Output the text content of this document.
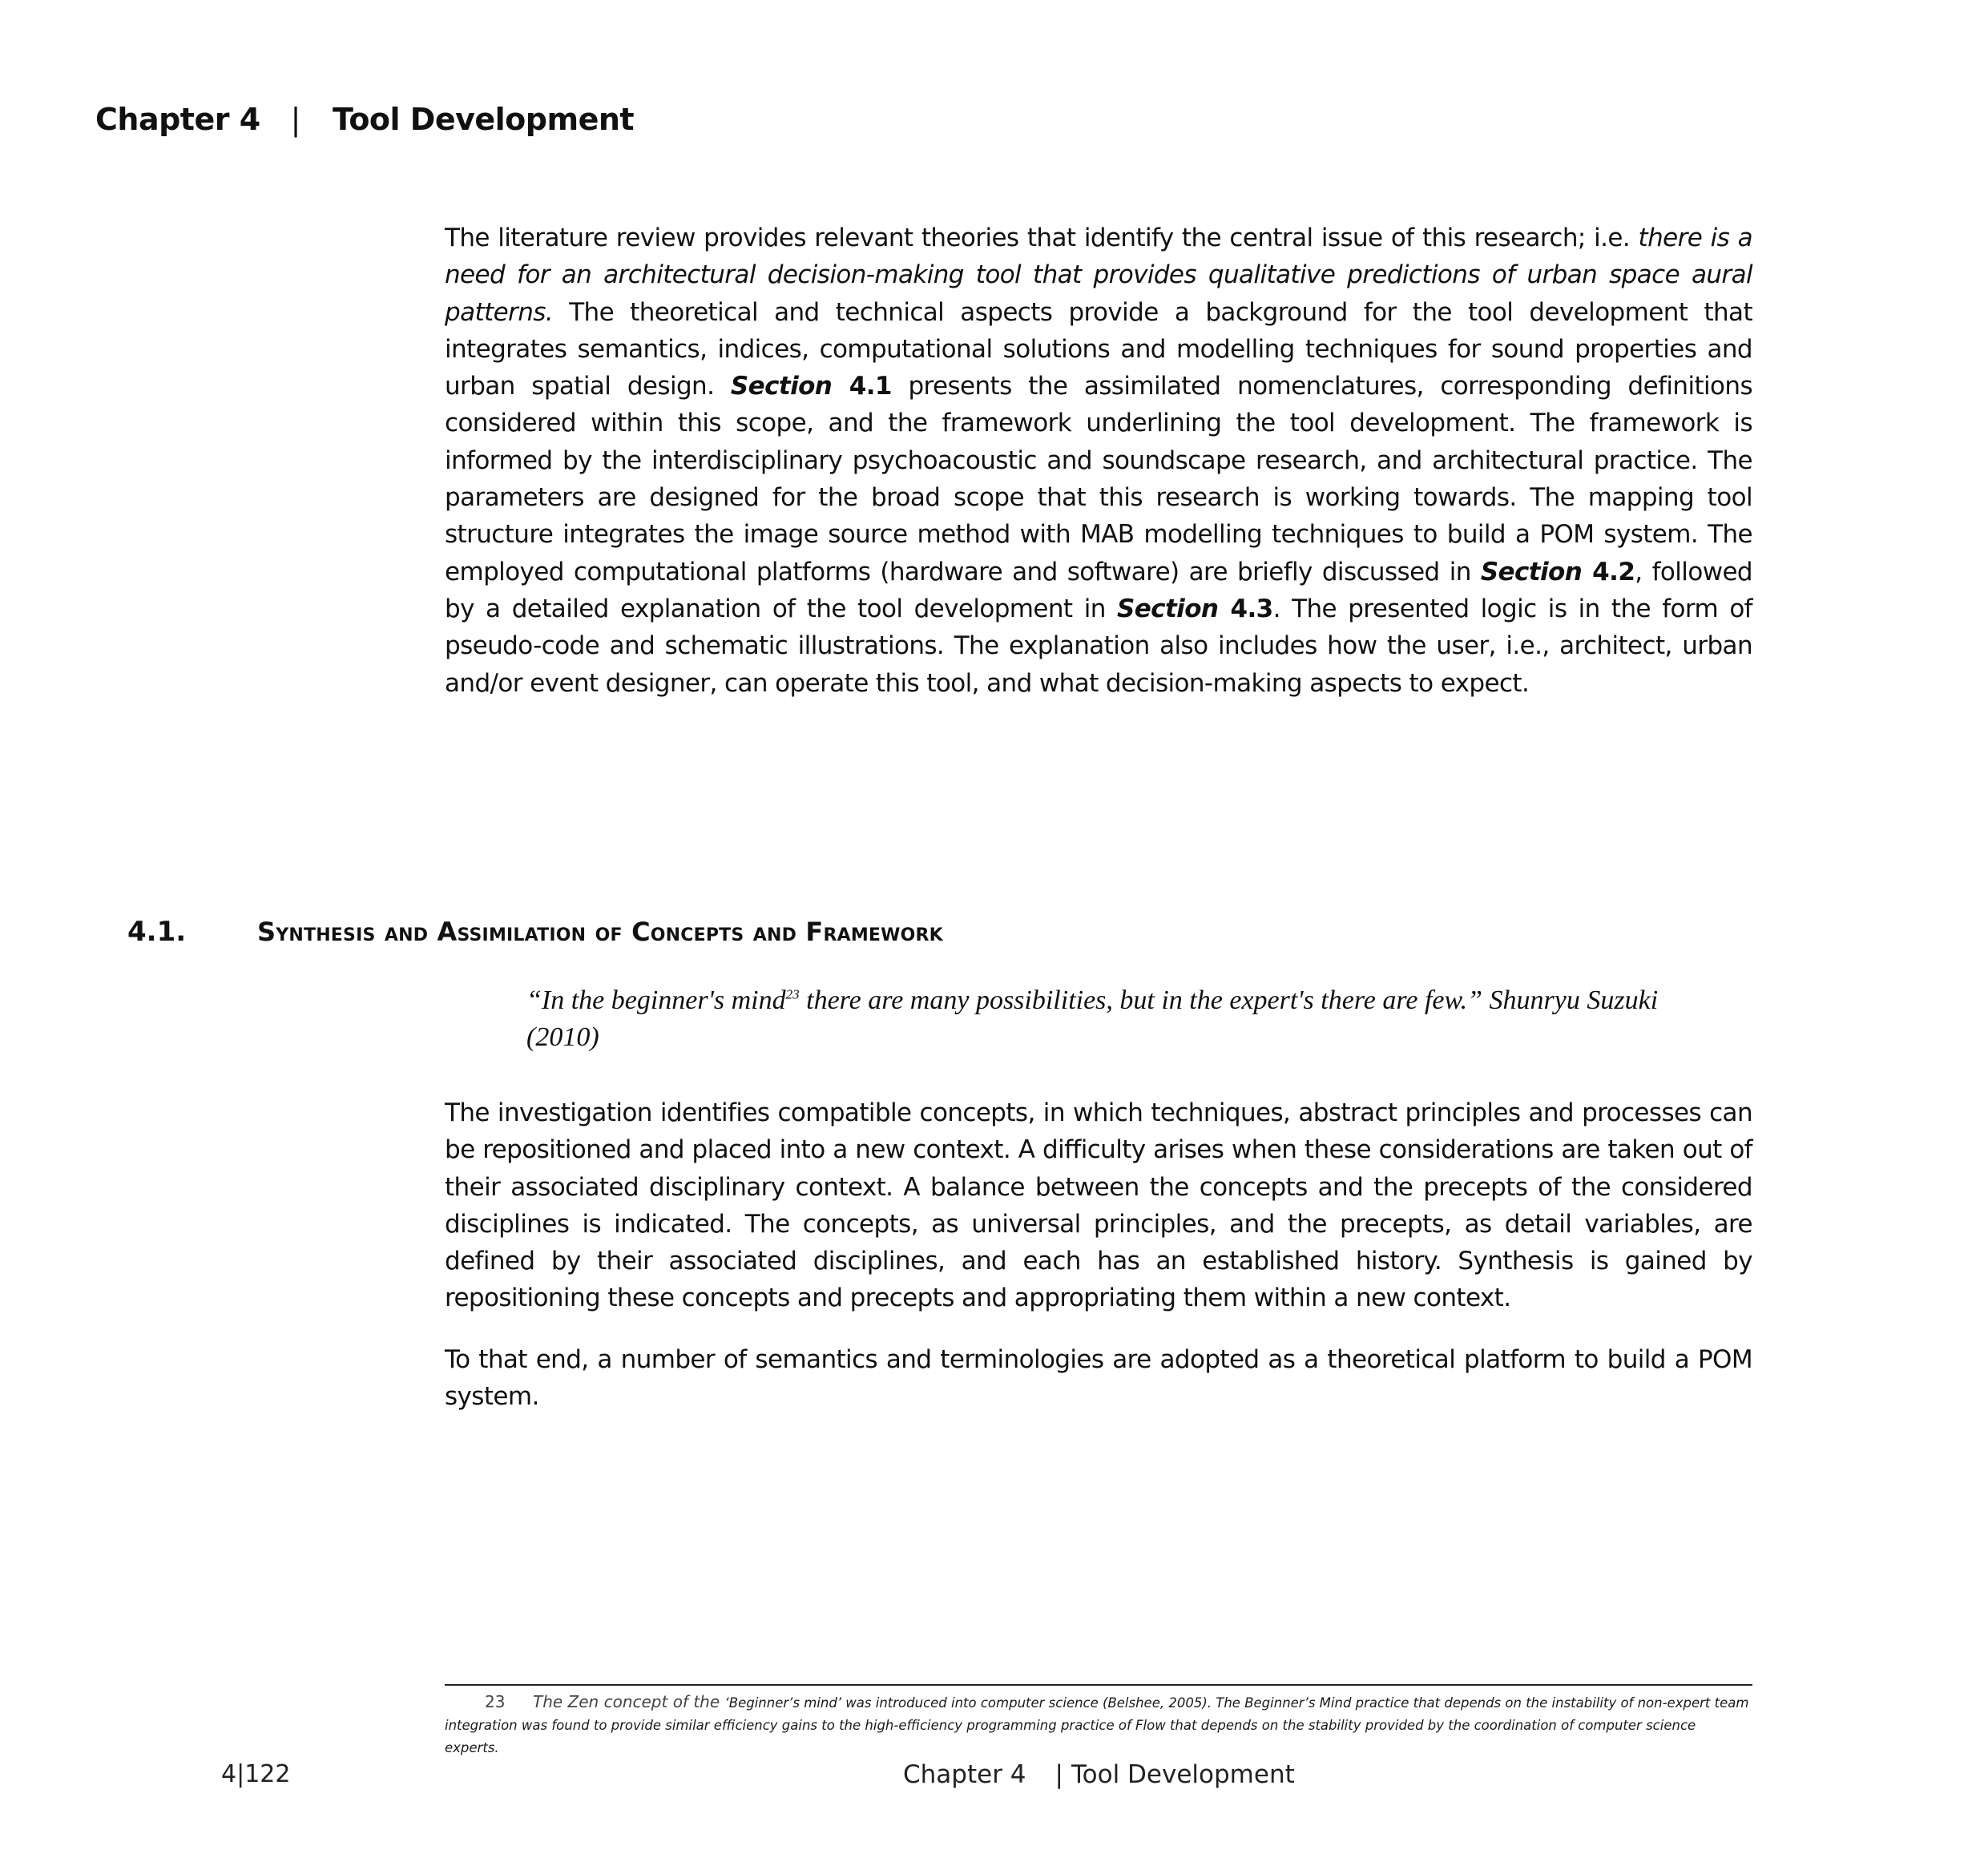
Chapter 4 | Tool Development

The literature review provides relevant theories that identify the central issue of this research; i.e. there is a need for an architectural decision-making tool that provides qualitative predictions of urban space aural patterns. The theoretical and technical aspects provide a background for the tool development that integrates semantics, indices, computational solutions and modelling techniques for sound properties and urban spatial design. Section 4.1 presents the assimilated nomenclatures, corresponding definitions considered within this scope, and the framework underlining the tool development. The framework is informed by the interdisciplinary psychoacoustic and soundscape research, and architectural practice. The parameters are designed for the broad scope that this research is working towards. The mapping tool structure integrates the image source method with MAB modelling techniques to build a POM system. The employed computational platforms (hardware and software) are briefly discussed in Section 4.2, followed by a detailed explanation of the tool development in Section 4.3. The presented logic is in the form of pseudo-code and schematic illustrations. The explanation also includes how the user, i.e., architect, urban and/or event designer, can operate this tool, and what decision-making aspects to expect.

4.1.	Synthesis and Assimilation of Concepts and Framework

“In the beginner's mind$^{23}$ there are many possibilities, but in the expert's there are few.” Shunryu Suzuki (2010)

The investigation identifies compatible concepts, in which techniques, abstract principles and processes can be repositioned and placed into a new context. A difficulty arises when these considerations are taken out of their associated disciplinary context. A balance between the concepts and the precepts of the considered disciplines is indicated. The concepts, as universal principles, and the precepts, as detail variables, are defined by their associated disciplines, and each has an established history. Synthesis is gained by repositioning these concepts and precepts and appropriating them within a new context.

To that end, a number of semantics and terminologies are adopted as a theoretical platform to build a POM system.

23 The Zen concept of the ‘Beginner’s mind’ was introduced into computer science (Belshee, 2005). The Beginner’s Mind practice that depends on the instability of non-expert team integration was found to provide similar efficiency gains to the high-efficiency programming practice of Flow that depends on the stability provided by the coordination of computer science experts.

4|122	Chapter 4 | Tool Development
